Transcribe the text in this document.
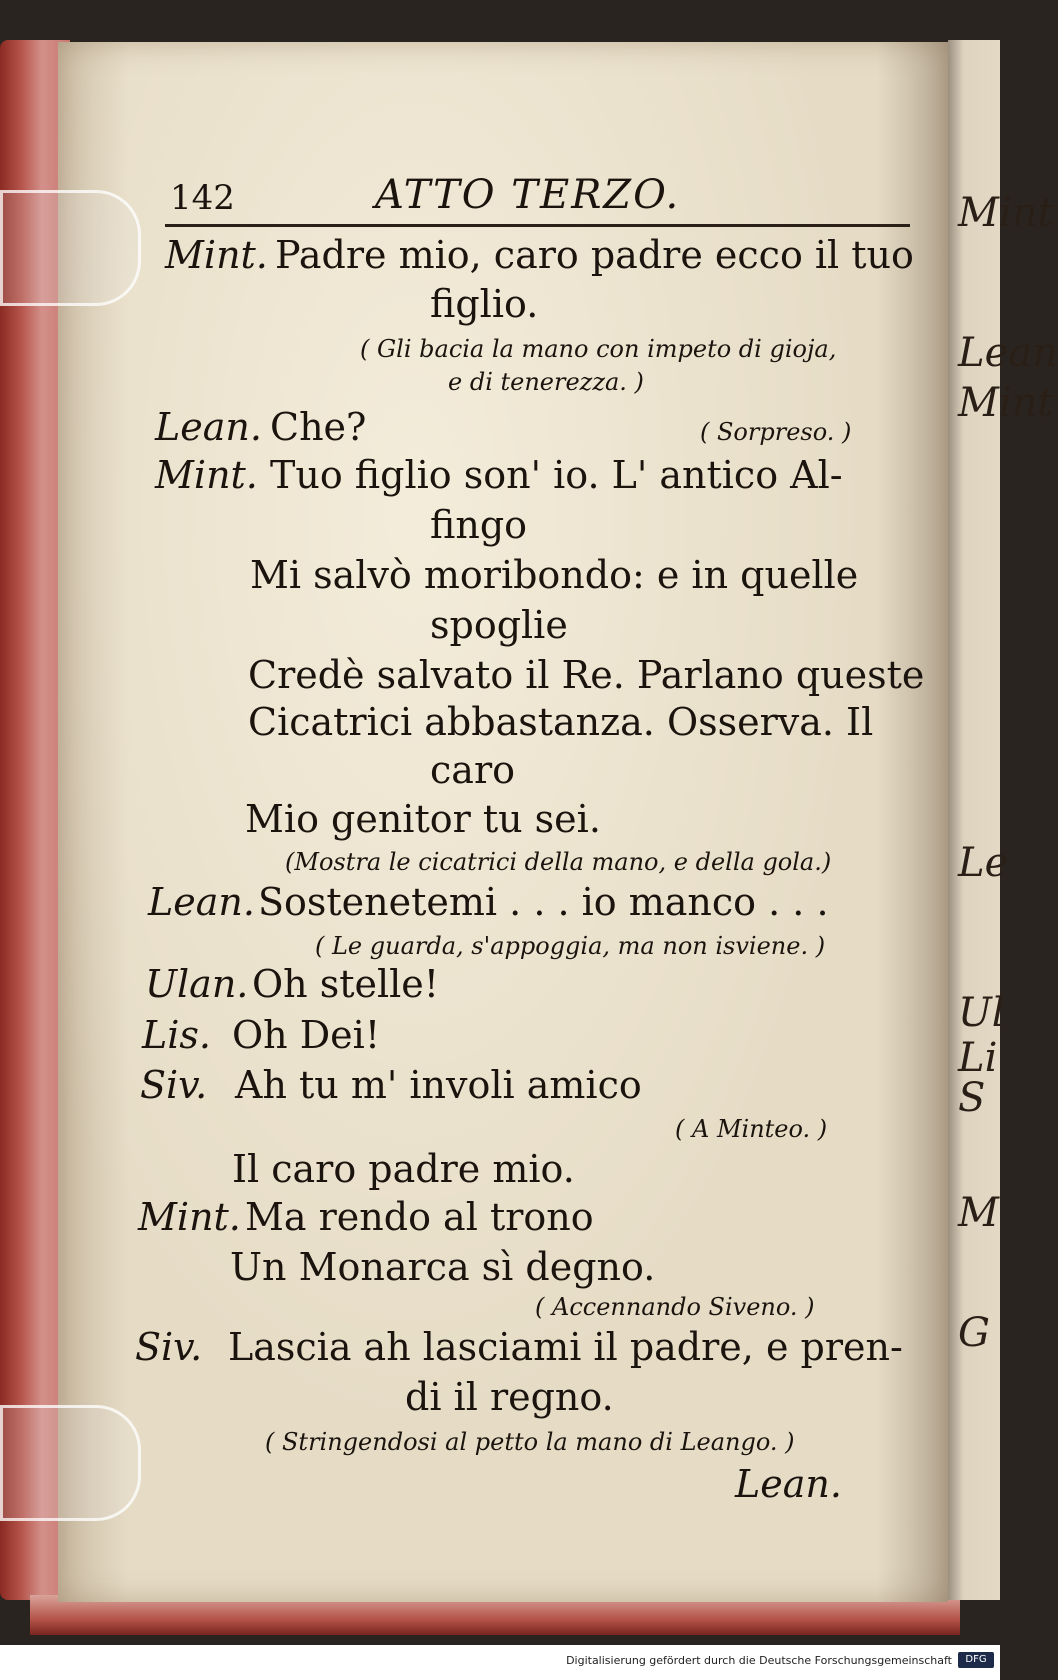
Mint
Lean
Mint
Le
Ul
Li
S
M
G
142	ATTO TERZO.
Mint. Padre mio, caro padre ecco il tuo
figlio.
( Gli bacia la mano con impeto di gioja,
e di tenerezza. )
Lean. Che?	( Sorpreso. )
Mint. Tuo figlio son' io. L' antico Al-
fingo
Mi salvò moribondo: e in quelle
spoglie
Credè salvato il Re. Parlano queste
Cicatrici abbastanza. Osserva. Il
caro
Mio genitor tu sei.
(Mostra le cicatrici della mano, e della gola.)
Lean. Sostenetemi . . . io manco . . .
( Le guarda, s'appoggia, ma non isviene. )
Ulan. Oh stelle!
Lis. Oh Dei!
Siv. Ah tu m' involi amico
( A Minteo. )
Il caro padre mio.
Mint. Ma rendo al trono
Un Monarca sì degno.
( Accennando Siveno. )
Siv. Lascia ah lasciami il padre, e pren-
di il regno.
( Stringendosi al petto la mano di Leango. )
Lean.
Digitalisierung gefördert durch die Deutsche Forschungsgemeinschaft	DFG
